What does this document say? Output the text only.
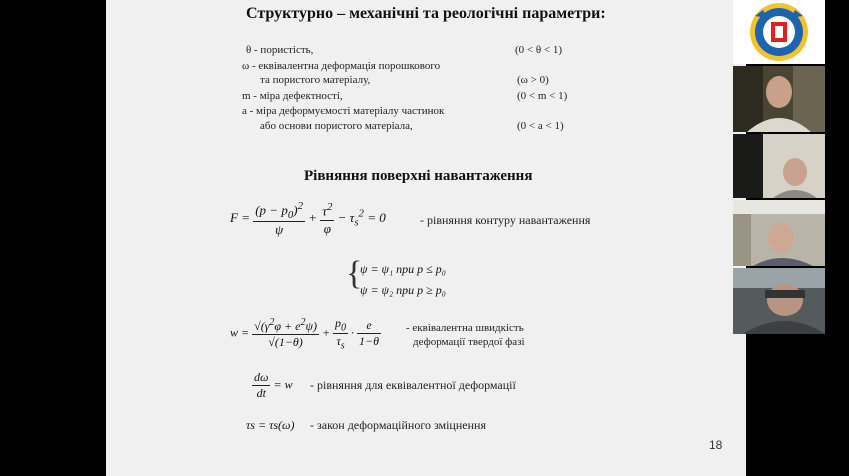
Структурно – механічні та реологічні параметри:
θ - пористість,	(0 < θ < 1)
ω - еквівалентна деформація порошкового
та пористого матеріалу,	(ω > 0)
m - міра дефектності,	(0 < m < 1)
a - міра деформуємості матеріалу частинок
або основи пористого матеріала,	(0 < a < 1)
Рівняння поверхні навантаження
$F = \frac{(p - p_0)^2}{\psi} + \frac{\tau^2}{\varphi} - \tau_s^2 = 0$	- рівняння контуру навантаження
{
ψ = ψ₁ при p ≤ p₀
ψ = ψ₂ при p ≥ p₀
$w = \frac{√(\gamma^2\varphi + e^2\psi)}{√(1-\theta)} + \frac{p_0}{\tau_s} \cdot \frac{e}{1-\theta}$ - еквівалентна швидкість
деформації твердої фазі
$\frac{d\omega}{dt} = w$ - рівняння для еквівалентної деформації
τs = τs(ω) - закон деформаційного зміцнення
18
